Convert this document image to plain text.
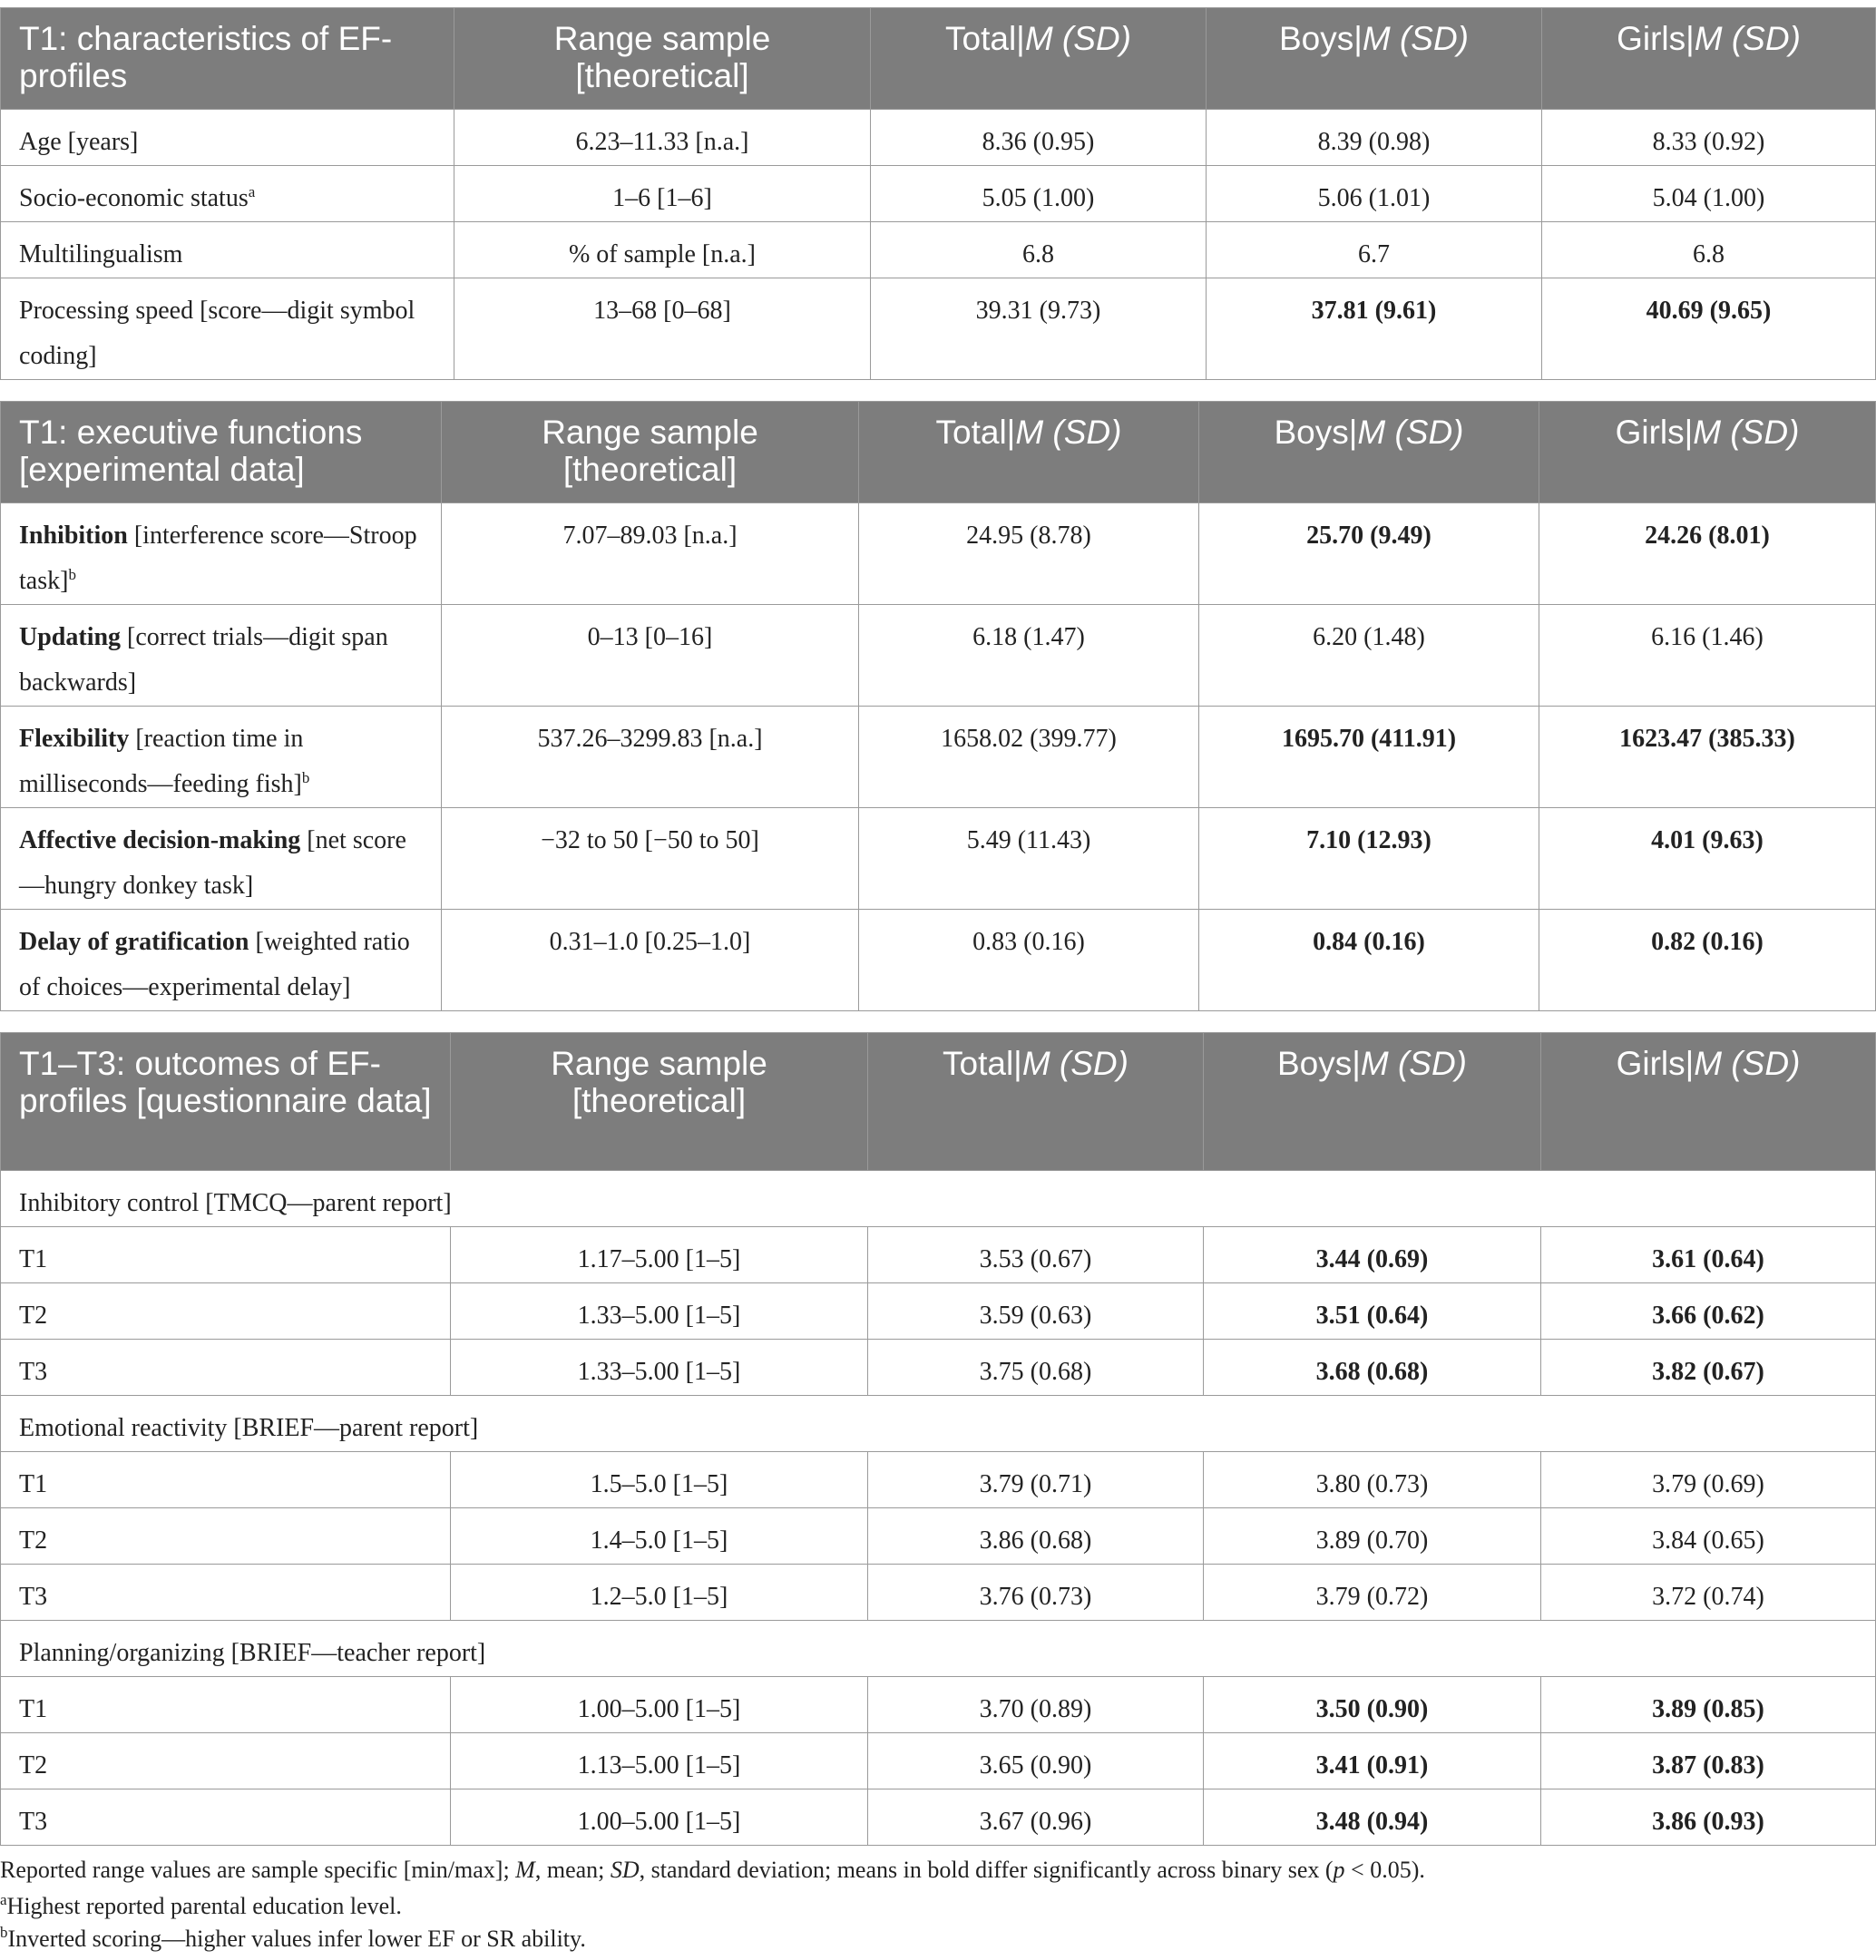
T1: characteristics of EF-profiles	Range sample [theoretical]	Total|M (SD)	Boys|M (SD)	Girls|M (SD)
Age [years]	6.23–11.33 [n.a.]	8.36 (0.95)	8.39 (0.98)	8.33 (0.92)
Socio-economic status$^a$	1–6 [1–6]	5.05 (1.00)	5.06 (1.01)	5.04 (1.00)
Multilingualism	% of sample [n.a.]	6.8	6.7	6.8
Processing speed [score—digit symbol coding]	13–68 [0–68]	39.31 (9.73)	37.81 (9.61)	40.69 (9.65)
T1: executive functions [experimental data]	Range sample [theoretical]	Total|M (SD)	Boys|M (SD)	Girls|M (SD)
Inhibition [interference score—Stroop task]$^b$	7.07–89.03 [n.a.]	24.95 (8.78)	25.70 (9.49)	24.26 (8.01)
Updating [correct trials—digit span backwards]	0–13 [0–16]	6.18 (1.47)	6.20 (1.48)	6.16 (1.46)
Flexibility [reaction time in milliseconds—feeding fish]$^b$	537.26–3299.83 [n.a.]	1658.02 (399.77)	1695.70 (411.91)	1623.47 (385.33)
Affective decision-making [net score—hungry donkey task]	−32 to 50 [−50 to 50]	5.49 (11.43)	7.10 (12.93)	4.01 (9.63)
Delay of gratification [weighted ratio of choices—experimental delay]	0.31–1.0 [0.25–1.0]	0.83 (0.16)	0.84 (0.16)	0.82 (0.16)
T1–T3: outcomes of EF-profiles [questionnaire data]	Range sample [theoretical]	Total|M (SD)	Boys|M (SD)	Girls|M (SD)
Inhibitory control [TMCQ—parent report]				
T1	1.17–5.00 [1–5]	3.53 (0.67)	3.44 (0.69)	3.61 (0.64)
T2	1.33–5.00 [1–5]	3.59 (0.63)	3.51 (0.64)	3.66 (0.62)
T3	1.33–5.00 [1–5]	3.75 (0.68)	3.68 (0.68)	3.82 (0.67)
Emotional reactivity [BRIEF—parent report]				
T1	1.5–5.0 [1–5]	3.79 (0.71)	3.80 (0.73)	3.79 (0.69)
T2	1.4–5.0 [1–5]	3.86 (0.68)	3.89 (0.70)	3.84 (0.65)
T3	1.2–5.0 [1–5]	3.76 (0.73)	3.79 (0.72)	3.72 (0.74)
Planning/organizing [BRIEF—teacher report]				
T1	1.00–5.00 [1–5]	3.70 (0.89)	3.50 (0.90)	3.89 (0.85)
T2	1.13–5.00 [1–5]	3.65 (0.90)	3.41 (0.91)	3.87 (0.83)
T3	1.00–5.00 [1–5]	3.67 (0.96)	3.48 (0.94)	3.86 (0.93)
Reported range values are sample specific [min/max]; M, mean; SD, standard deviation; means in bold differ significantly across binary sex (p < 0.05).
$^a$Highest reported parental education level.
$^b$Inverted scoring—higher values infer lower EF or SR ability.
